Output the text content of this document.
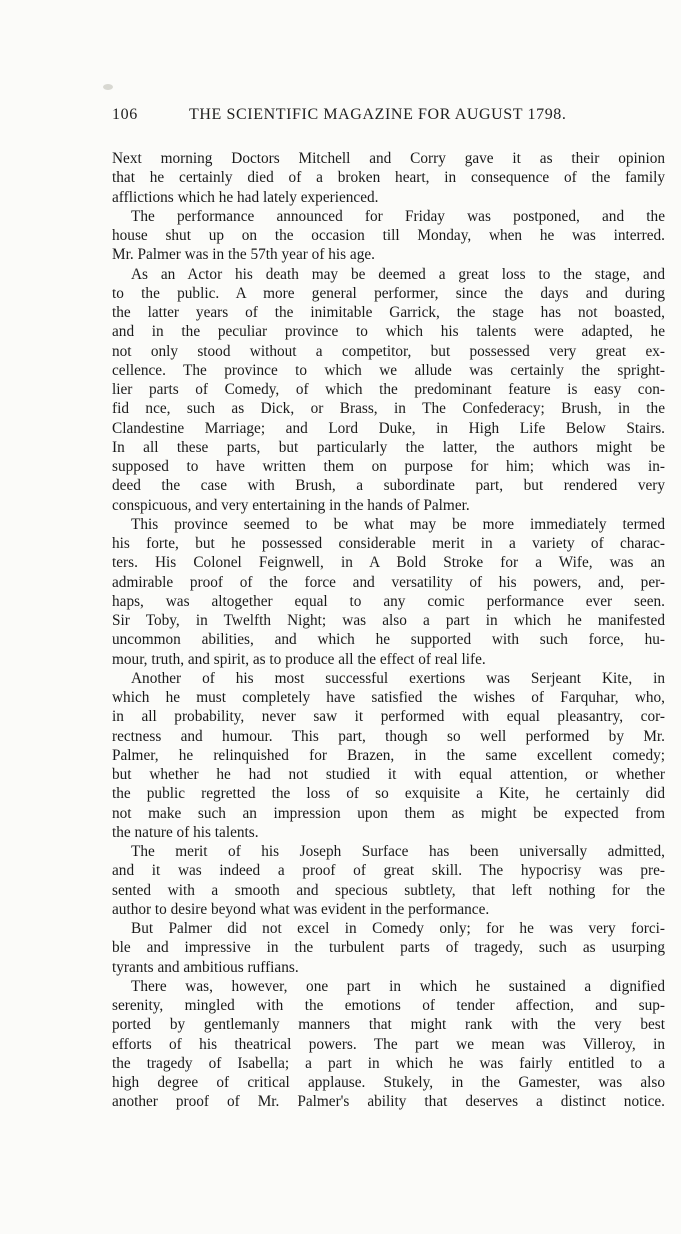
106	THE SCIENTIFIC MAGAZINE FOR AUGUST 1798.
Next morning Doctors Mitchell and Corry gave it as their opinion
that he certainly died of a broken heart, in consequence of the family
afflictions which he had lately experienced.
The performance announced for Friday was postponed, and the
house shut up on the occasion till Monday, when he was interred.
Mr. Palmer was in the 57th year of his age.
As an Actor his death may be deemed a great loss to the stage, and
to the public. A more general performer, since the days and during
the latter years of the inimitable Garrick, the stage has not boasted,
and in the peculiar province to which his talents were adapted, he
not only stood without a competitor, but possessed very great ex-
cellence. The province to which we allude was certainly the spright-
lier parts of Comedy, of which the predominant feature is easy con-
fid nce, such as Dick, or Brass, in The Confederacy; Brush, in the
Clandestine Marriage; and Lord Duke, in High Life Below Stairs.
In all these parts, but particularly the latter, the authors might be
supposed to have written them on purpose for him; which was in-
deed the case with Brush, a subordinate part, but rendered very
conspicuous, and very entertaining in the hands of Palmer.
This province seemed to be what may be more immediately termed
his forte, but he possessed considerable merit in a variety of charac-
ters. His Colonel Feignwell, in A Bold Stroke for a Wife, was an
admirable proof of the force and versatility of his powers, and, per-
haps, was altogether equal to any comic performance ever seen.
Sir Toby, in Twelfth Night; was also a part in which he manifested
uncommon abilities, and which he supported with such force, hu-
mour, truth, and spirit, as to produce all the effect of real life.
Another of his most successful exertions was Serjeant Kite, in
which he must completely have satisfied the wishes of Farquhar, who,
in all probability, never saw it performed with equal pleasantry, cor-
rectness and humour. This part, though so well performed by Mr.
Palmer, he relinquished for Brazen, in the same excellent comedy;
but whether he had not studied it with equal attention, or whether
the public regretted the loss of so exquisite a Kite, he certainly did
not make such an impression upon them as might be expected from
the nature of his talents.
The merit of his Joseph Surface has been universally admitted,
and it was indeed a proof of great skill. The hypocrisy was pre-
sented with a smooth and specious subtlety, that left nothing for the
author to desire beyond what was evident in the performance.
But Palmer did not excel in Comedy only; for he was very forci-
ble and impressive in the turbulent parts of tragedy, such as usurping
tyrants and ambitious ruffians.
There was, however, one part in which he sustained a dignified
serenity, mingled with the emotions of tender affection, and sup-
ported by gentlemanly manners that might rank with the very best
efforts of his theatrical powers. The part we mean was Villeroy, in
the tragedy of Isabella; a part in which he was fairly entitled to a
high degree of critical applause. Stukely, in the Gamester, was also
another proof of Mr. Palmer's ability that deserves a distinct notice.
